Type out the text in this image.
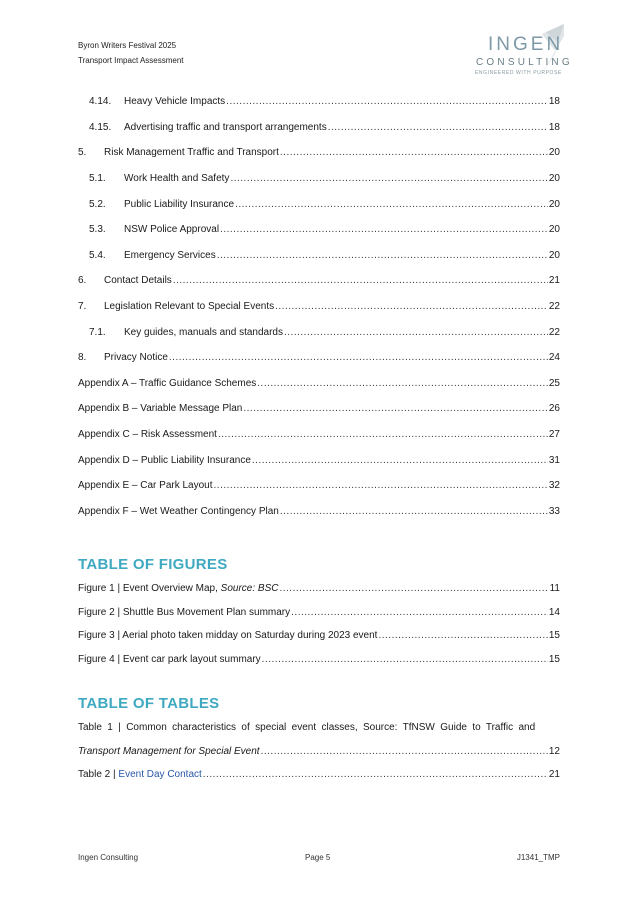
Byron Writers Festival 2025
Transport Impact Assessment
INGEN
CONSULTING
ENGINEERED WITH PURPOSE
4.14.	Heavy Vehicle Impacts .....	18
4.15.	Advertising traffic and transport arrangements .....	18
5.	Risk Management Traffic and Transport .....	20
5.1.	Work Health and Safety .....	20
5.2.	Public Liability Insurance .....	20
5.3.	NSW Police Approval .....	20
5.4.	Emergency Services .....	20
6.	Contact Details .....	21
7.	Legislation Relevant to Special Events .....	22
7.1.	Key guides, manuals and standards .....	22
8.	Privacy Notice .....	24
Appendix A – Traffic Guidance Schemes .....	25
Appendix B – Variable Message Plan .....	26
Appendix C – Risk Assessment .....	27
Appendix D – Public Liability Insurance .....	31
Appendix E – Car Park Layout .....	32
Appendix F – Wet Weather Contingency Plan .....	33
TABLE OF FIGURES
Figure 1 | Event Overview Map, Source: BSC .....	11
Figure 2 | Shuttle Bus Movement Plan summary .....	14
Figure 3 | Aerial photo taken midday on Saturday during 2023 event .....	15
Figure 4 | Event car park layout summary .....	15
TABLE OF TABLES
Table 1 | Common characteristics of special event classes, Source: TfNSW Guide to Traffic and
Transport Management for Special Event .....	12
Table 2 | Event Day Contact .....	21
Ingen Consulting	Page 5	J1341_TMP
